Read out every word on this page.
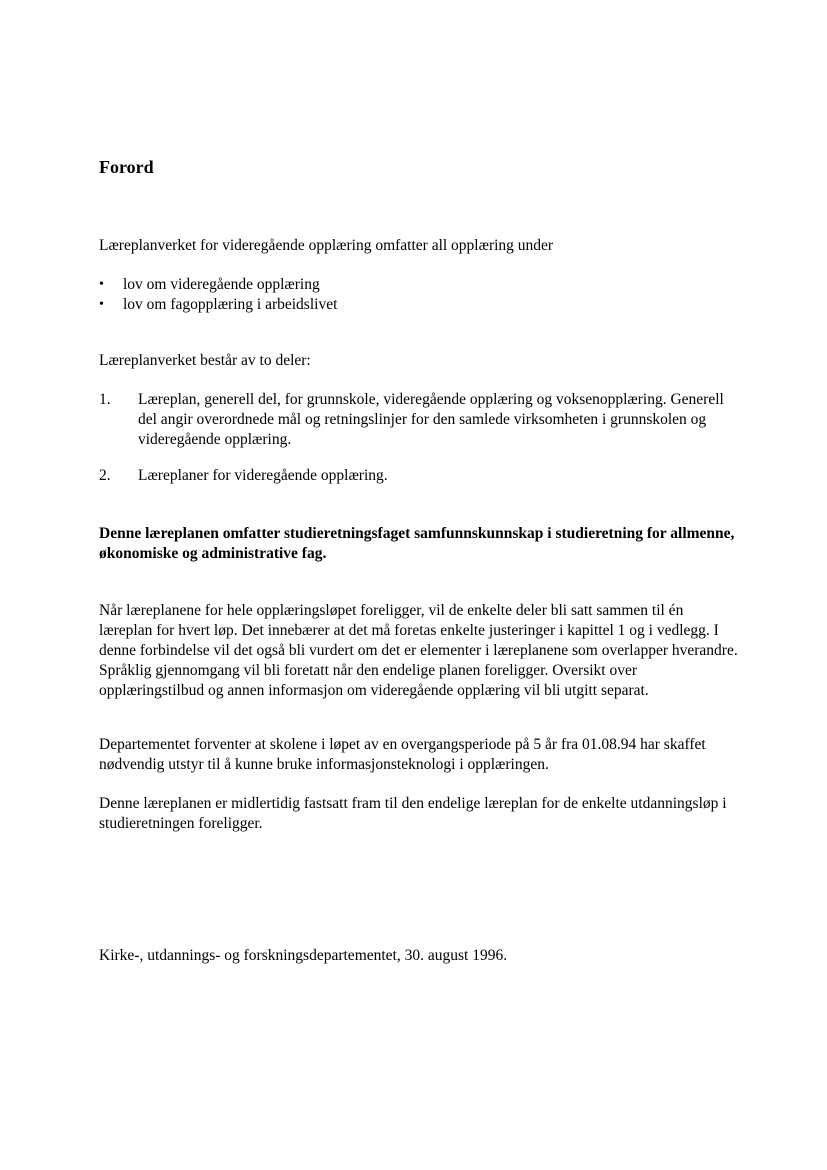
Forord

Læreplanverket for videregående opplæring omfatter all opplæring under

• lov om videregående opplæring
• lov om fagopplæring i arbeidslivet

Læreplanverket består av to deler:

1.	Læreplan, generell del, for grunnskole, videregående opplæring og voksenopplæring. Generell del angir overordnede mål og retningslinjer for den samlede virksomheten i grunnskolen og videregående opplæring.
2.	Læreplaner for videregående opplæring.

Denne læreplanen omfatter studieretningsfaget samfunnskunnskap i studieretning for allmenne, økonomiske og administrative fag.

Når læreplanene for hele opplæringsløpet foreligger, vil de enkelte deler bli satt sammen til én læreplan for hvert løp. Det innebærer at det må foretas enkelte justeringer i kapittel 1 og i vedlegg. I denne forbindelse vil det også bli vurdert om det er elementer i læreplanene som overlapper hverandre. Språklig gjennomgang vil bli foretatt når den endelige planen foreligger. Oversikt over opplæringstilbud og annen informasjon om videregående opplæring vil bli utgitt separat.

Departementet forventer at skolene i løpet av en overgangsperiode på 5 år fra 01.08.94 har skaffet nødvendig utstyr til å kunne bruke informasjonsteknologi i opplæringen.

Denne læreplanen er midlertidig fastsatt fram til den endelige læreplan for de enkelte utdanningsløp i studieretningen foreligger.

Kirke-, utdannings- og forskningsdepartementet, 30. august 1996.
